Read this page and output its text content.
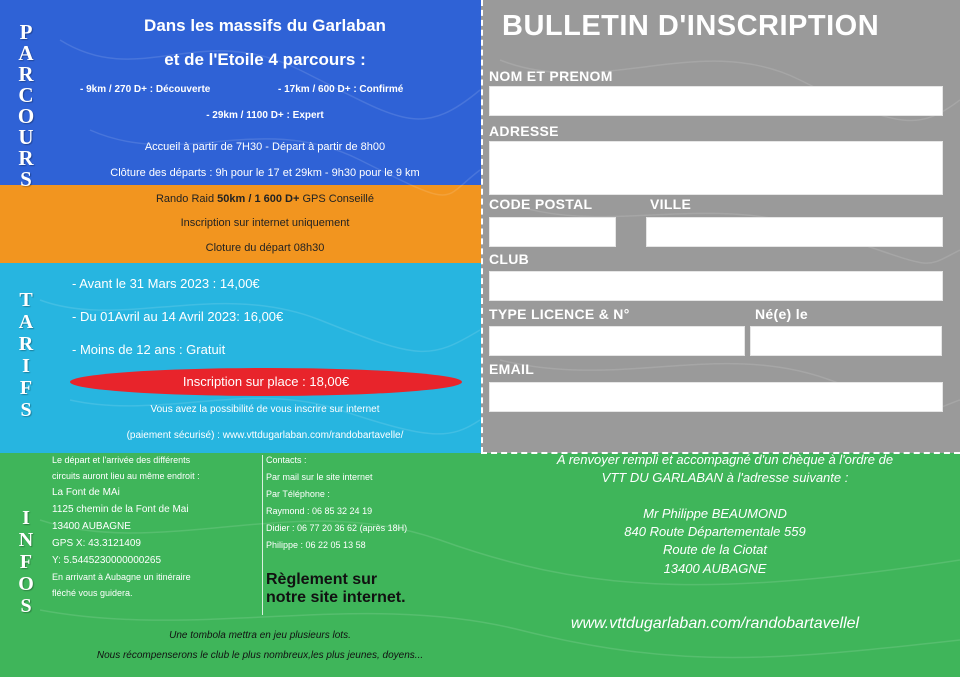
P
A
R
C
O
U
R
S
T
A
R
I
F
S
I
N
F
O
S
Dans les massifs du Garlaban
et de l'Etoile 4 parcours :
- 9km / 270 D+ : Découverte	- 17km / 600 D+ : Confirmé
- 29km / 1100 D+ : Expert
Accueil à partir de 7H30 - Départ à partir de 8h00
Clôture des départs : 9h pour le 17 et 29km - 9h30 pour le 9 km
Rando Raid 50km / 1 600 D+ GPS Conseillé
Inscription sur internet uniquement
Cloture du départ 08h30
- Avant le 31 Mars 2023 : 14,00€
- Du 01Avril au 14 Avril 2023: 16,00€
- Moins de 12 ans : Gratuit
Inscription sur place : 18,00€
Vous avez la possibilité de vous inscrire sur internet
(paiement sécurisé) : www.vttdugarlaban.com/randobartavelle/
BULLETIN D'INSCRIPTION
NOM ET PRENOM
ADRESSE
CODE POSTAL	VILLE
CLUB
TYPE LICENCE & N°	Né(e) le
EMAIL
Le départ et l'arrivée des différents
circuits auront lieu au même endroit :
La Font de MAi
1125 chemin de la Font de Mai
13400 AUBAGNE
GPS X: 43.3121409
Y: 5.5445230000000265
En arrivant à Aubagne un itinéraire
fléché vous guidera.
Contacts :
Par mail sur le site internet
Par Téléphone :
Raymond : 06 85 32 24 19
Didier : 06 77 20 36 62 (après 18H)
Philippe : 06 22 05 13 58
Règlement sur
notre site internet.
Une tombola mettra en jeu plusieurs lots.
Nous récompenserons le club le plus nombreux,les plus jeunes, doyens...
A renvoyer rempli et accompagné d'un chèque à l'ordre de
VTT DU GARLABAN à l'adresse suivante :
Mr Philippe BEAUMOND
840 Route Départementale 559
Route de la Ciotat
13400 AUBAGNE
www.vttdugarlaban.com/randobartavellel
